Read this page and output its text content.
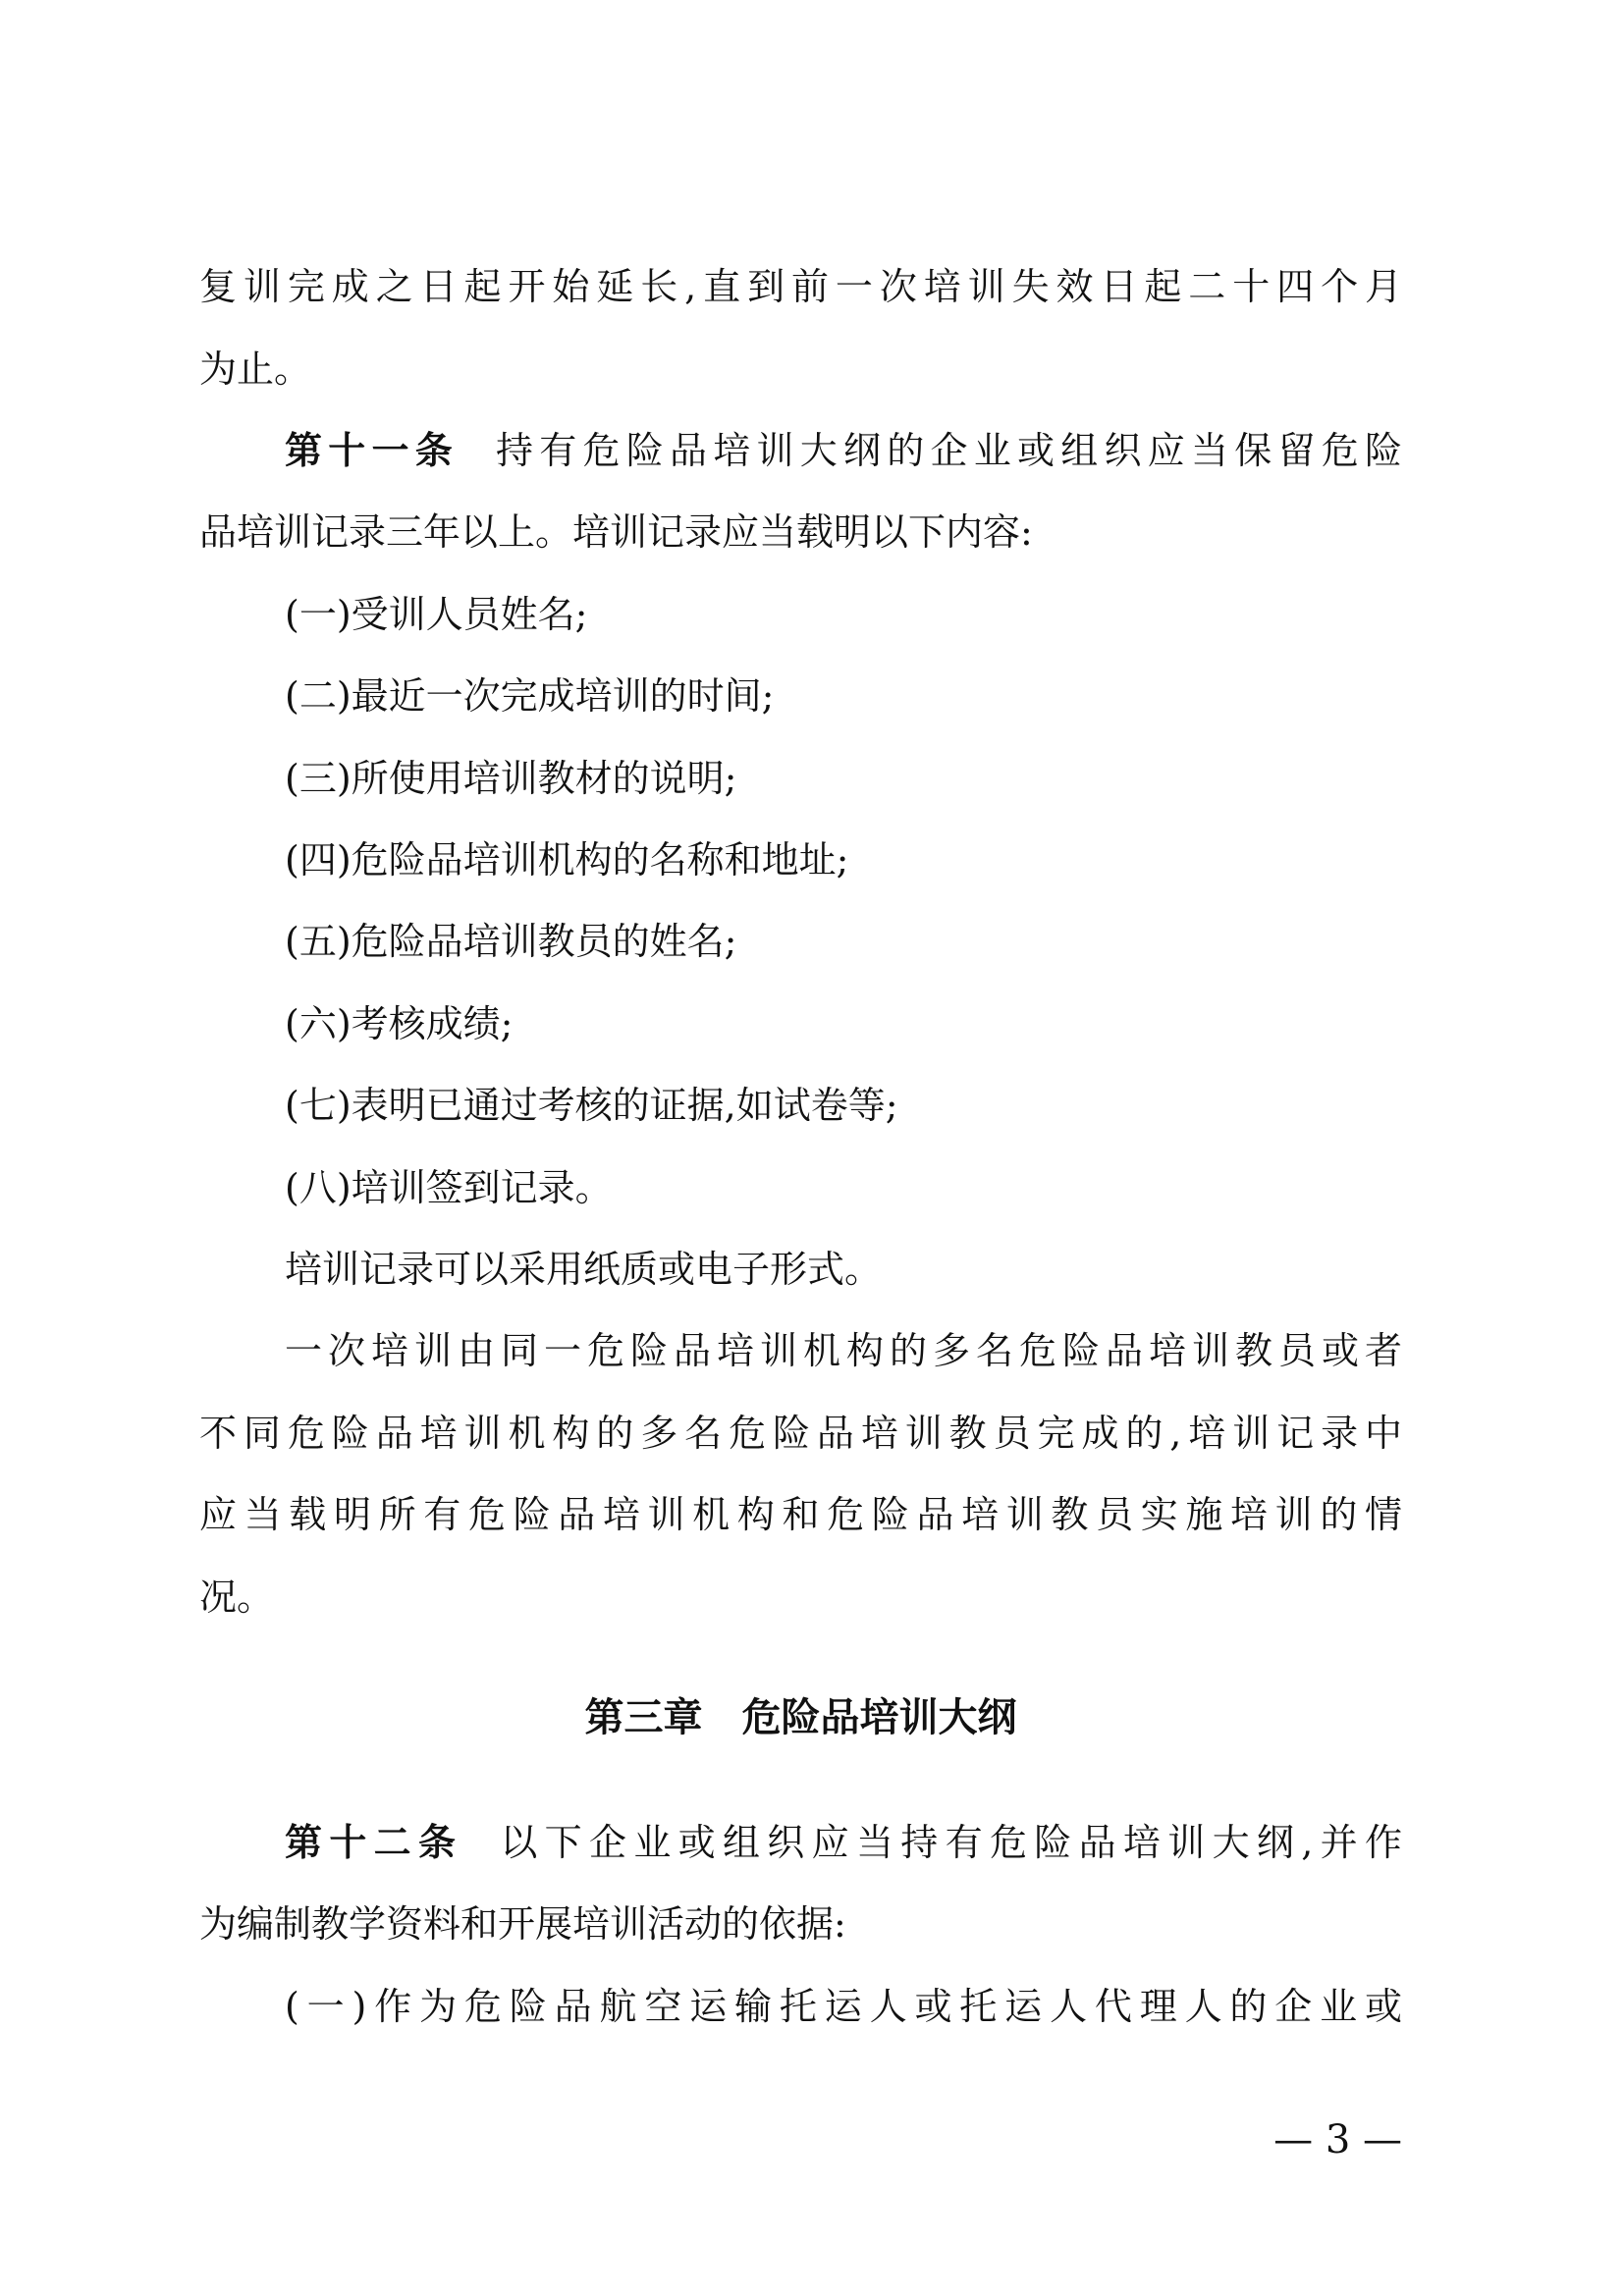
复训完成之日起开始延长,直到前一次培训失效日起二十四个月
为止。
第十一条 持有危险品培训大纲的企业或组织应当保留危险
品培训记录三年以上。培训记录应当载明以下内容:
(一)受训人员姓名;
(二)最近一次完成培训的时间;
(三)所使用培训教材的说明;
(四)危险品培训机构的名称和地址;
(五)危险品培训教员的姓名;
(六)考核成绩;
(七)表明已通过考核的证据,如试卷等;
(八)培训签到记录。
培训记录可以采用纸质或电子形式。
一次培训由同一危险品培训机构的多名危险品培训教员或者
不同危险品培训机构的多名危险品培训教员完成的,培训记录中
应当载明所有危险品培训机构和危险品培训教员实施培训的情
况。
第三章 危险品培训大纲
第十二条 以下企业或组织应当持有危险品培训大纲,并作
为编制教学资料和开展培训活动的依据:
(一)作为危险品航空运输托运人或托运人代理人的企业或
— 3 —
